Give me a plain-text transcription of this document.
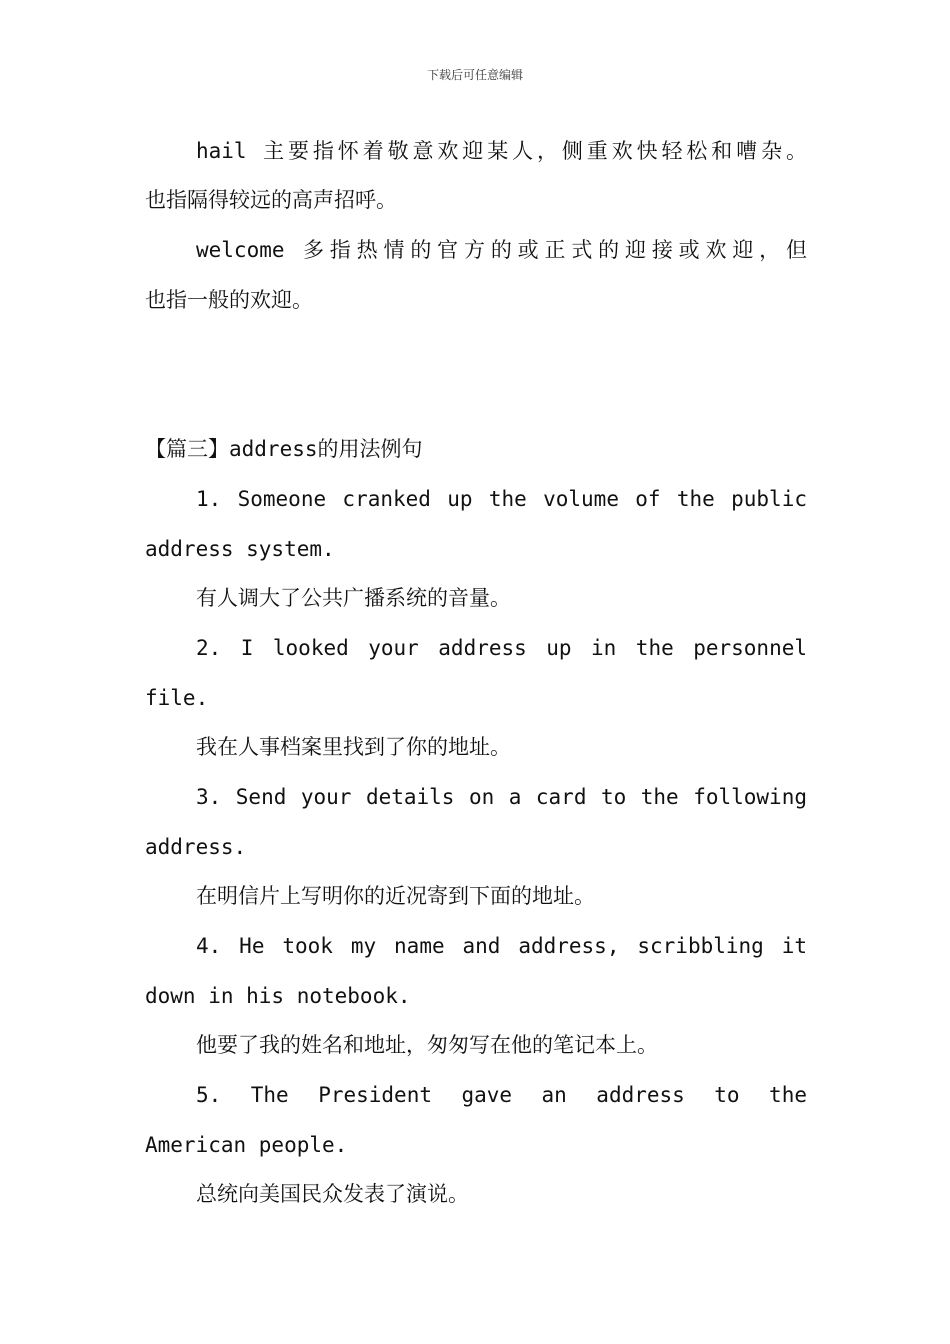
下载后可任意编辑
hail 主要指怀着敬意欢迎某人，侧重欢快轻松和嘈杂。
也指隔得较远的高声招呼。
welcome 多指热情的官方的或正式的迎接或欢迎，但
也指一般的欢迎。
【篇三】address的用法例句
1. Someone cranked up the volume of the public
address system.
有人调大了公共广播系统的音量。
2. I looked your address up in the personnel
file.
我在人事档案里找到了你的地址。
3. Send your details on a card to the following
address.
在明信片上写明你的近况寄到下面的地址。
4. He took my name and address, scribbling it
down in his notebook.
他要了我的姓名和地址，匆匆写在他的笔记本上。
5. The President gave an address to the
American people.
总统向美国民众发表了演说。
